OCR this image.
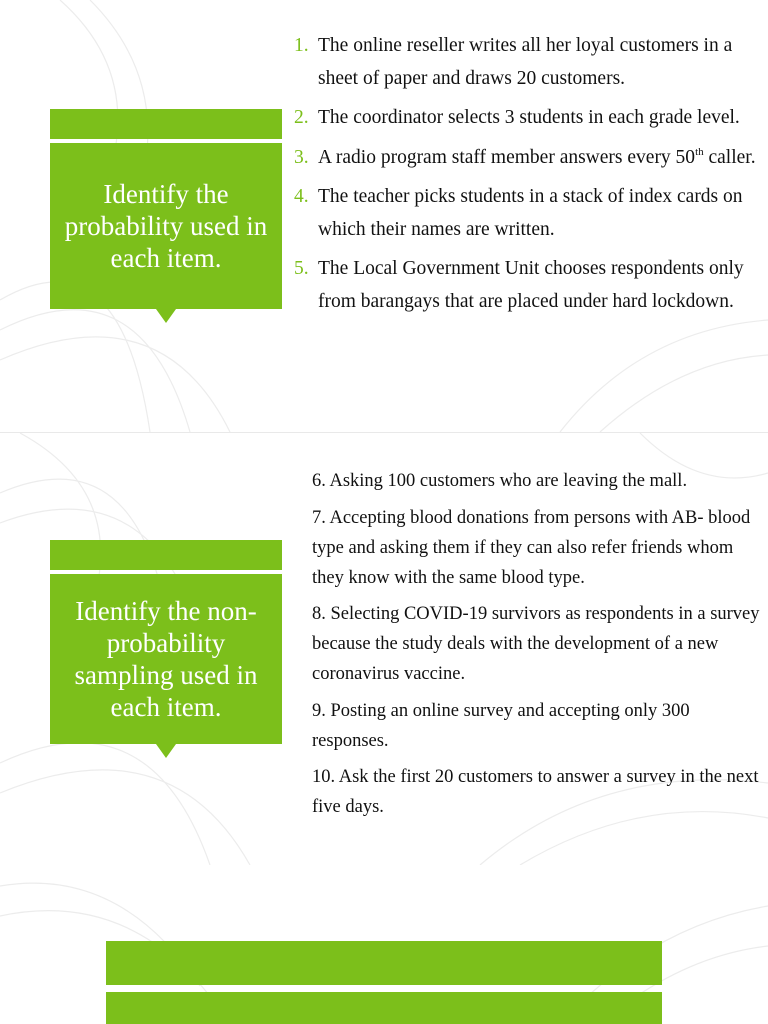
Identify the probability used in each item.
1. The online reseller writes all her loyal customers in a sheet of paper and draws 20 customers.
2. The coordinator selects 3 students in each grade level.
3. A radio program staff member answers every 50th caller.
4. The teacher picks students in a stack of index cards on which their names are written.
5. The Local Government Unit chooses respondents only from barangays that are placed under hard lockdown.
Identify the non-probability sampling used in each item.
6. Asking 100 customers who are leaving the mall.
7. Accepting blood donations from persons with AB- blood type and asking them if they can also refer friends whom they know with the same blood type.
8. Selecting COVID-19 survivors as respondents in a survey because the study deals with the development of a new coronavirus vaccine.
9. Posting an online survey and accepting only 300 responses.
10. Ask the first 20 customers to answer a survey in the next five days.
